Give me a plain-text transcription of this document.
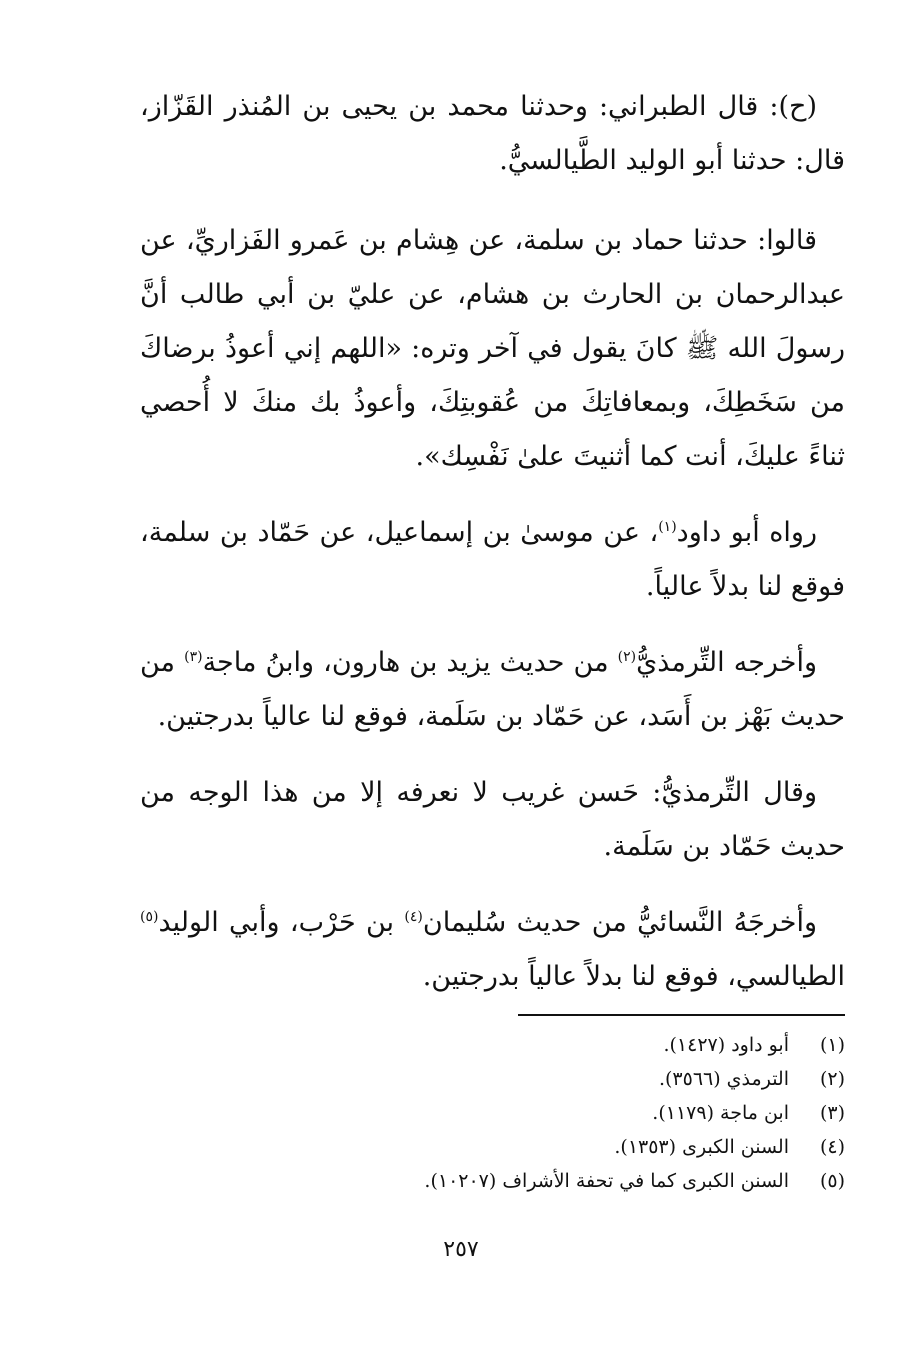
(ح): قال الطبراني: وحدثنا محمد بن يحيى بن المُنذر القَزّاز، قال: حدثنا أبو الوليد الطَّيالسيُّ.

قالوا: حدثنا حماد بن سلمة، عن هِشام بن عَمرو الفَزاريِّ، عن عبدالرحمان بن الحارث بن هشام، عن عليّ بن أبي طالب أنَّ رسولَ الله ﷺ كانَ يقول في آخر وتره: «اللهم إني أعوذُ برضاكَ من سَخَطِكَ، وبمعافاتِكَ من عُقوبتِكَ، وأعوذُ بك منكَ لا أُحصي ثناءً عليكَ، أنت كما أثنيتَ علىٰ نَفْسِك».

رواه أبو داود$^{(١)}$، عن موسىٰ بن إسماعيل، عن حَمّاد بن سلمة، فوقع لنا بدلاً عالياً.

وأخرجه التِّرمذيُّ$^{(٢)}$ من حديث يزيد بن هارون، وابنُ ماجة$^{(٣)}$ من حديث بَهْز بن أَسَد، عن حَمّاد بن سَلَمة، فوقع لنا عالياً بدرجتين.

وقال التِّرمذيُّ: حَسن غريب لا نعرفه إلا من هذا الوجه من حديث حَمّاد بن سَلَمة.

وأخرجَهُ النَّسائيُّ من حديث سُليمان$^{(٤)}$ بن حَرْب، وأبي الوليد$^{(٥)}$ الطيالسي، فوقع لنا بدلاً عالياً بدرجتين.

(١)
أبو داود (١٤٢٧).
(٢)
الترمذي (٣٥٦٦).
(٣)
ابن ماجة (١١٧٩).
(٤)
السنن الكبرى (١٣٥٣).
(٥)
السنن الكبرى كما في تحفة الأشراف (١٠٢٠٧).
٢٥٧
